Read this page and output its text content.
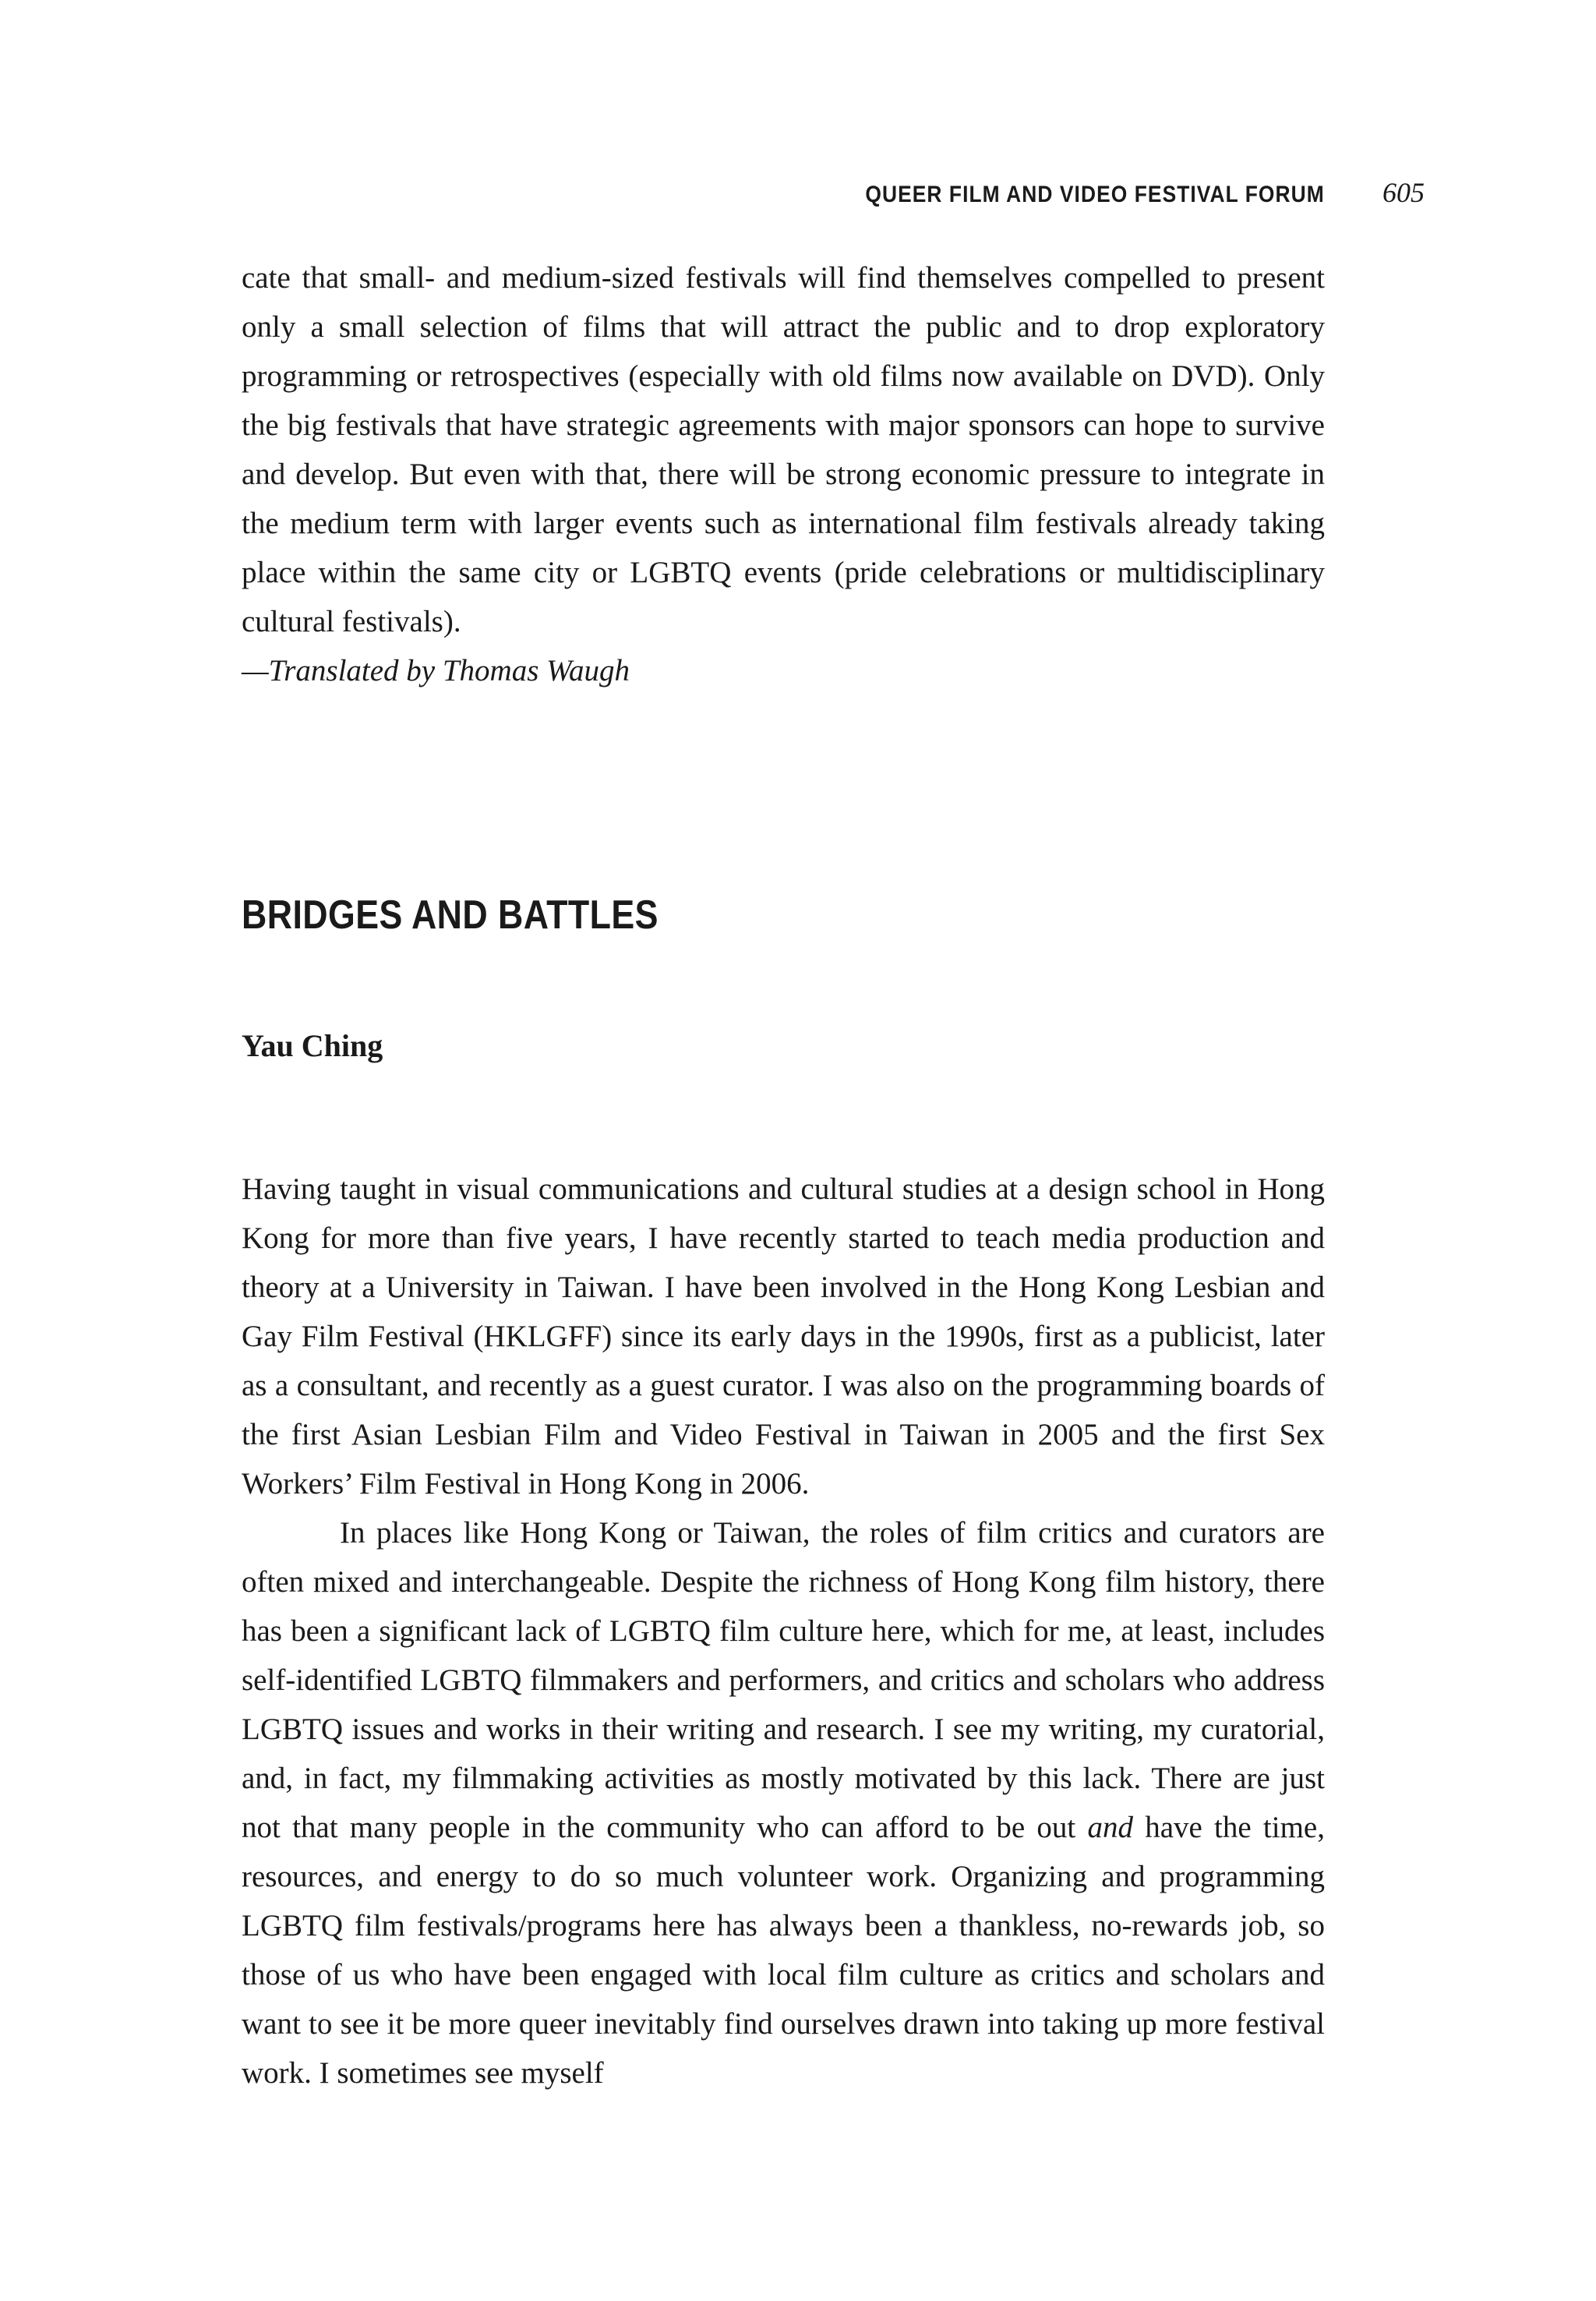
QUEER FILM AND VIDEO FESTIVAL FORUM 605

cate that small- and medium-sized festivals will find themselves compelled to present only a small selection of films that will attract the public and to drop exploratory programming or retrospectives (especially with old films now available on DVD). Only the big festivals that have strategic agreements with major sponsors can hope to survive and develop. But even with that, there will be strong economic pressure to integrate in the medium term with larger events such as international film festivals already taking place within the same city or LGBTQ events (pride celebrations or multidisciplinary cultural festivals).

—Translated by Thomas Waugh

BRIDGES AND BATTLES

Yau Ching

Having taught in visual communications and cultural studies at a design school in Hong Kong for more than five years, I have recently started to teach media production and theory at a University in Taiwan. I have been involved in the Hong Kong Lesbian and Gay Film Festival (HKLGFF) since its early days in the 1990s, first as a publicist, later as a consultant, and recently as a guest curator. I was also on the programming boards of the first Asian Lesbian Film and Video Festival in Taiwan in 2005 and the first Sex Workers’ Film Festival in Hong Kong in 2006.

In places like Hong Kong or Taiwan, the roles of film critics and curators are often mixed and interchangeable. Despite the richness of Hong Kong film history, there has been a significant lack of LGBTQ film culture here, which for me, at least, includes self-identified LGBTQ filmmakers and performers, and critics and scholars who address LGBTQ issues and works in their writing and research. I see my writing, my curatorial, and, in fact, my filmmaking activities as mostly motivated by this lack. There are just not that many people in the community who can afford to be out and have the time, resources, and energy to do so much volunteer work. Organizing and programming LGBTQ film festivals/programs here has always been a thankless, no-rewards job, so those of us who have been engaged with local film culture as critics and scholars and want to see it be more queer inevitably find ourselves drawn into taking up more festival work. I sometimes see myself
